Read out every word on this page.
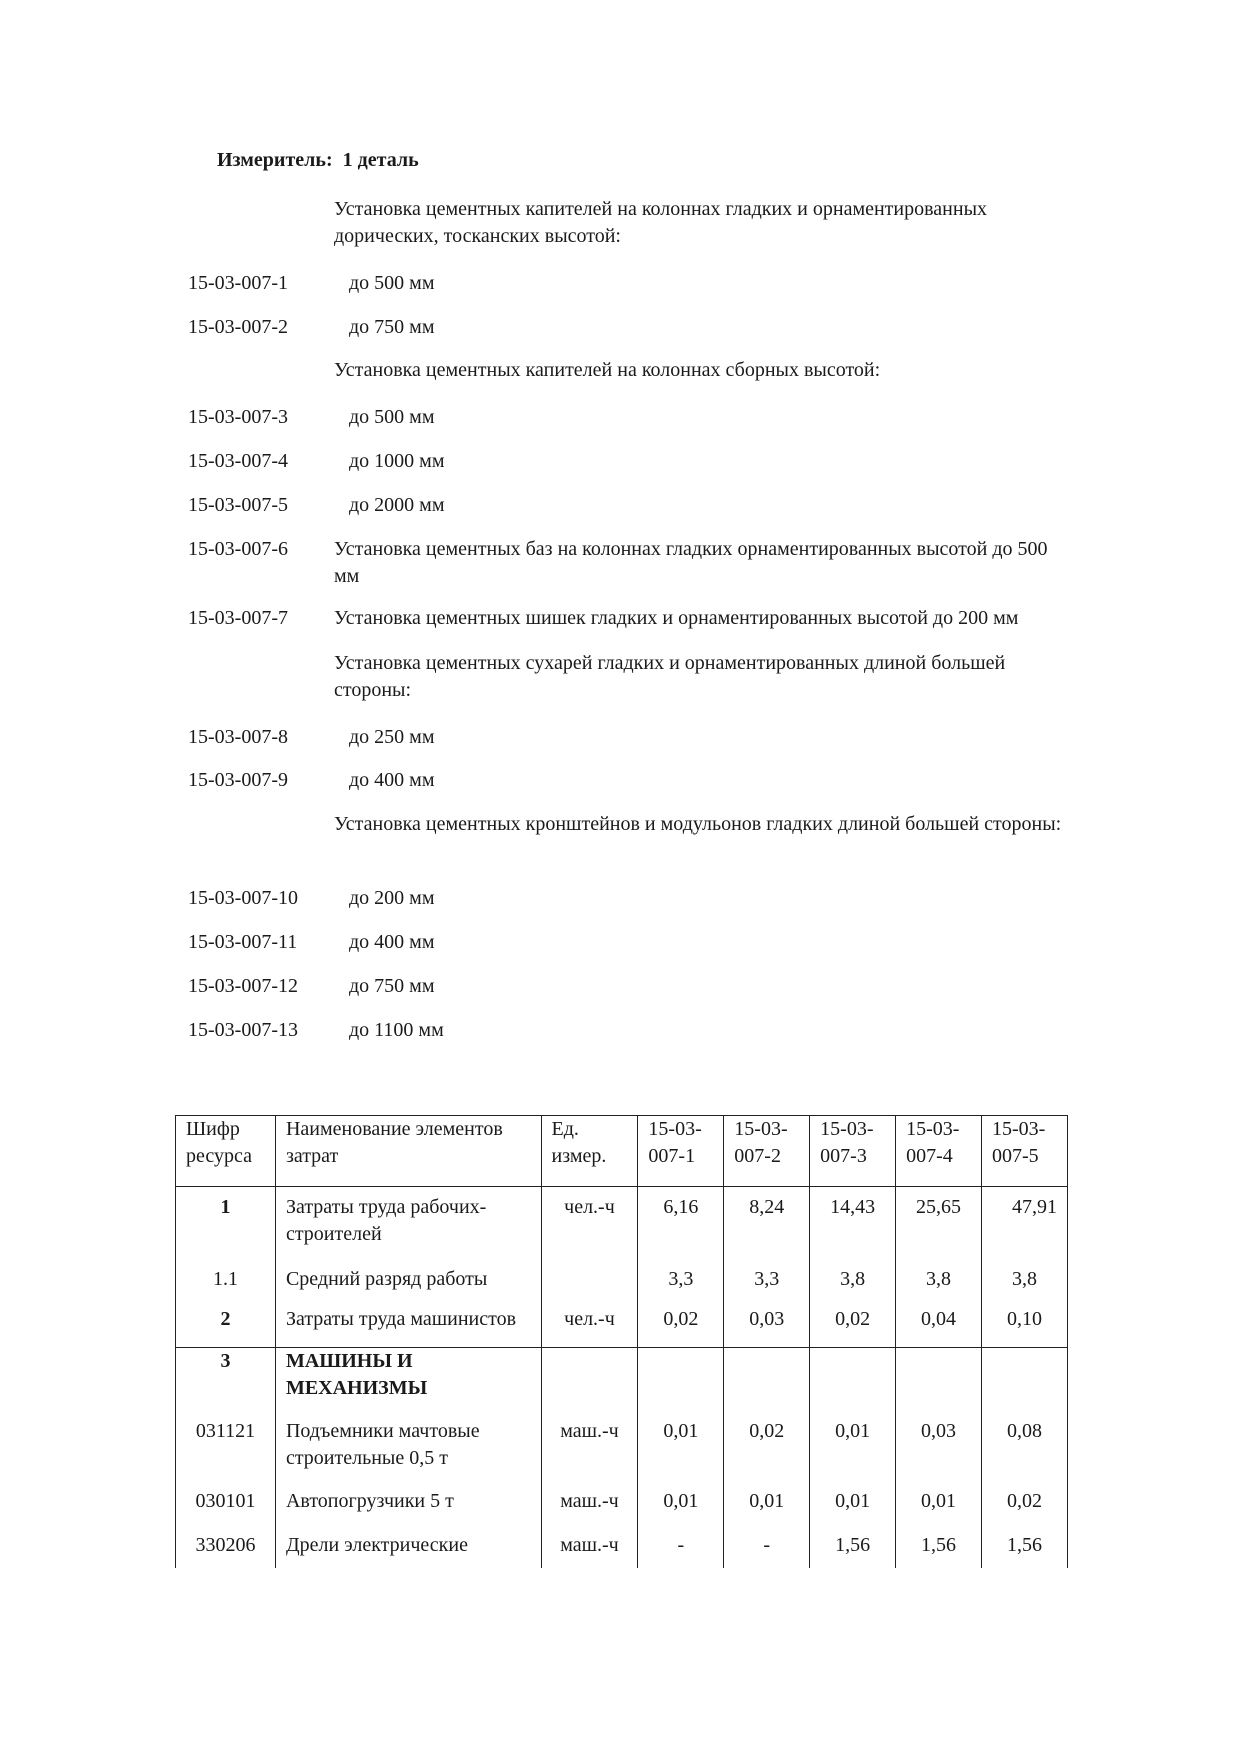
Измеритель: 1 деталь
Установка цементных капителей на колоннах гладких и орнаментированных дорических, тосканских высотой:
15-03-007-1	до 500 мм
15-03-007-2	до 750 мм
Установка цементных капителей на колоннах сборных высотой:
15-03-007-3	до 500 мм
15-03-007-4	до 1000 мм
15-03-007-5	до 2000 мм
15-03-007-6 Установка цементных баз на колоннах гладких орнаментированных высотой до 500 мм
15-03-007-7 Установка цементных шишек гладких и орнаментированных высотой до 200 мм
Установка цементных сухарей гладких и орнаментированных длиной большей стороны:
15-03-007-8	до 250 мм
15-03-007-9	до 400 мм
Установка цементных кронштейнов и модульонов гладких длиной большей стороны:
15-03-007-10	до 200 мм
15-03-007-11	до 400 мм
15-03-007-12	до 750 мм
15-03-007-13	до 1100 мм
Шифр ресурса	Наименование элементов затрат	Ед. измер.	15-03-007-1	15-03-007-2	15-03-007-3	15-03-007-4	15-03-007-5
1	Затраты труда рабочих-строителей	чел.-ч	6,16	8,24	14,43	25,65	47,91
1.1	Средний разряд работы		3,3	3,3	3,8	3,8	3,8
2	Затраты труда машинистов	чел.-ч	0,02	0,03	0,02	0,04	0,10
3	МАШИНЫ И МЕХАНИЗМЫ						
031121	Подъемники мачтовые строительные 0,5 т	маш.-ч	0,01	0,02	0,01	0,03	0,08
030101	Автопогрузчики 5 т	маш.-ч	0,01	0,01	0,01	0,01	0,02
330206	Дрели электрические	маш.-ч	-	-	1,56	1,56	1,56
